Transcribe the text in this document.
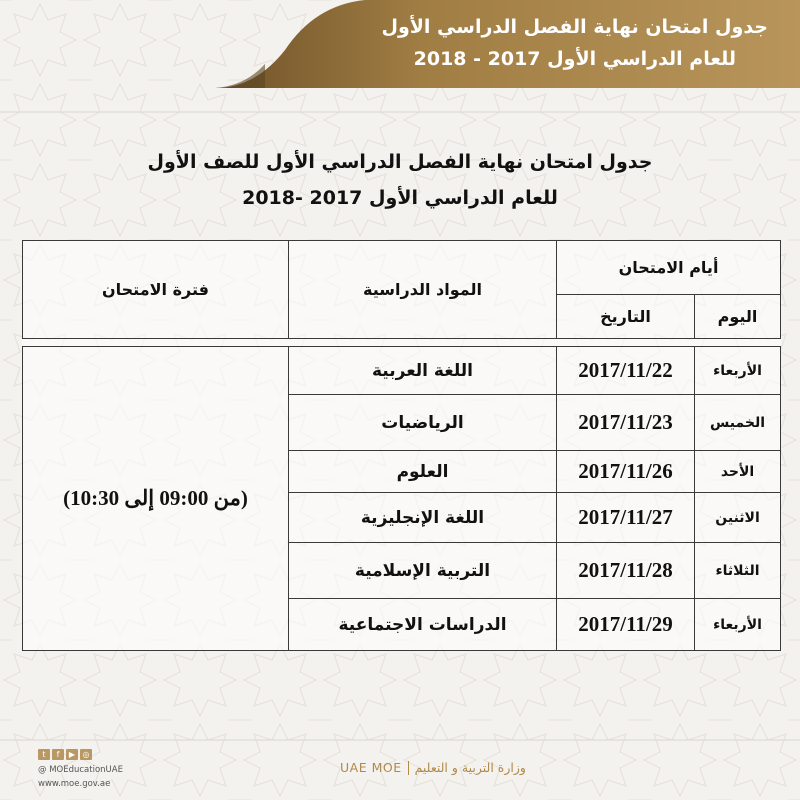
جدول امتحان نهاية الفصل الدراسي الأول
للعام الدراسي الأول 2017 - 2018
جدول امتحان نهاية الفصل الدراسي الأول للصف الأول
للعام الدراسي الأول 2017 -2018
أيام الامتحان		المواد الدراسية	فترة الامتحان
اليوم	التاريخ		

الأربعاء	2017/11/22	اللغة العربية	(من 09:00 إلى 10:30)
الخميس	2017/11/23	الرياضيات	
الأحد	2017/11/26	العلوم	
الاثنين	2017/11/27	اللغة الإنجليزية	
الثلاثاء	2017/11/28	التربية الإسلامية	
الأربعاء	2017/11/29	الدراسات الاجتماعية	
t	f	▶ ◎
@ MOEducationUAE
www.moe.gov.ae
UAE MOE وزارة التربية و التعليم
